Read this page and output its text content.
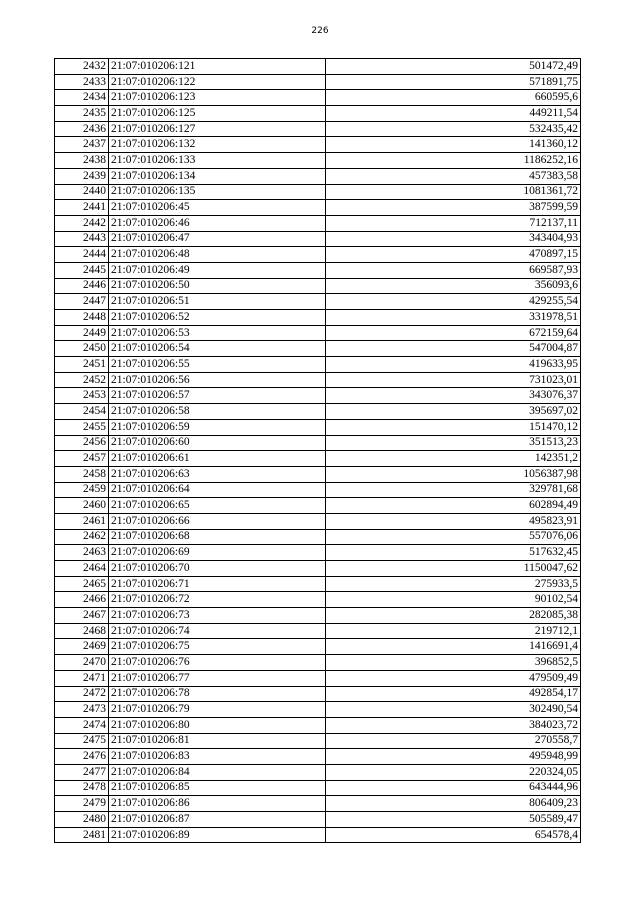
226
2432	21:07:010206:121	501472,49
2433	21:07:010206:122	571891,75
2434	21:07:010206:123	660595,6
2435	21:07:010206:125	449211,54
2436	21:07:010206:127	532435,42
2437	21:07:010206:132	141360,12
2438	21:07:010206:133	1186252,16
2439	21:07:010206:134	457383,58
2440	21:07:010206:135	1081361,72
2441	21:07:010206:45	387599,59
2442	21:07:010206:46	712137,11
2443	21:07:010206:47	343404,93
2444	21:07:010206:48	470897,15
2445	21:07:010206:49	669587,93
2446	21:07:010206:50	356093,6
2447	21:07:010206:51	429255,54
2448	21:07:010206:52	331978,51
2449	21:07:010206:53	672159,64
2450	21:07:010206:54	547004,87
2451	21:07:010206:55	419633,95
2452	21:07:010206:56	731023,01
2453	21:07:010206:57	343076,37
2454	21:07:010206:58	395697,02
2455	21:07:010206:59	151470,12
2456	21:07:010206:60	351513,23
2457	21:07:010206:61	142351,2
2458	21:07:010206:63	1056387,98
2459	21:07:010206:64	329781,68
2460	21:07:010206:65	602894,49
2461	21:07:010206:66	495823,91
2462	21:07:010206:68	557076,06
2463	21:07:010206:69	517632,45
2464	21:07:010206:70	1150047,62
2465	21:07:010206:71	275933,5
2466	21:07:010206:72	90102,54
2467	21:07:010206:73	282085,38
2468	21:07:010206:74	219712,1
2469	21:07:010206:75	1416691,4
2470	21:07:010206:76	396852,5
2471	21:07:010206:77	479509,49
2472	21:07:010206:78	492854,17
2473	21:07:010206:79	302490,54
2474	21:07:010206:80	384023,72
2475	21:07:010206:81	270558,7
2476	21:07:010206:83	495948,99
2477	21:07:010206:84	220324,05
2478	21:07:010206:85	643444,96
2479	21:07:010206:86	806409,23
2480	21:07:010206:87	505589,47
2481	21:07:010206:89	654578,4
